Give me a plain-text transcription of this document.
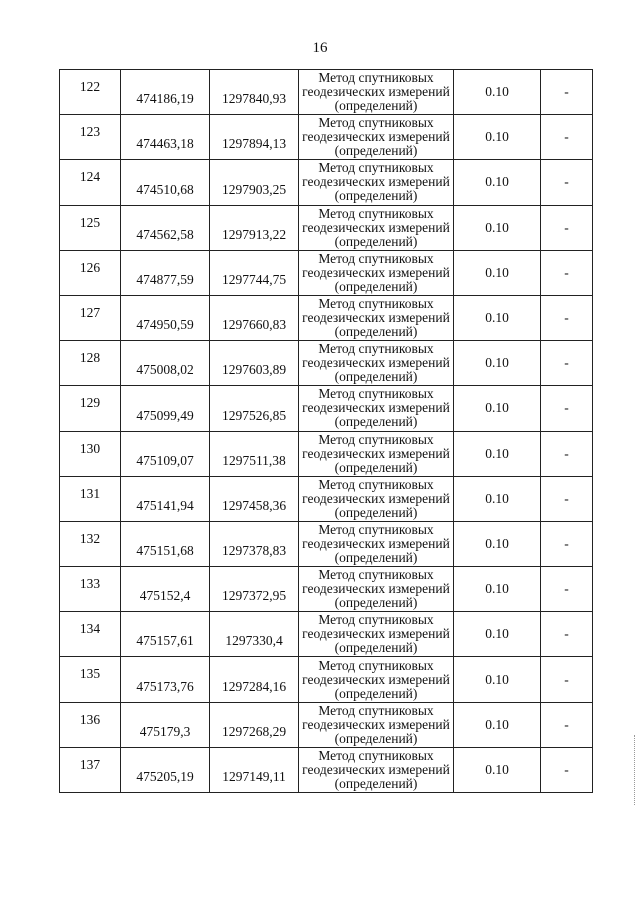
16
122	474186,19	1297840,93	Метод спутниковых геодезических измерений (определений)	0.10	-

123	474463,18	1297894,13	Метод спутниковых геодезических измерений (определений)	0.10	-

124	474510,68	1297903,25	Метод спутниковых геодезических измерений (определений)	0.10	-

125	474562,58	1297913,22	Метод спутниковых геодезических измерений (определений)	0.10	-

126	474877,59	1297744,75	Метод спутниковых геодезических измерений (определений)	0.10	-

127	474950,59	1297660,83	Метод спутниковых геодезических измерений (определений)	0.10	-

128	475008,02	1297603,89	Метод спутниковых геодезических измерений (определений)	0.10	-

129	475099,49	1297526,85	Метод спутниковых геодезических измерений (определений)	0.10	-

130	475109,07	1297511,38	Метод спутниковых геодезических измерений (определений)	0.10	-

131	475141,94	1297458,36	Метод спутниковых геодезических измерений (определений)	0.10	-

132	475151,68	1297378,83	Метод спутниковых геодезических измерений (определений)	0.10	-

133	475152,4	1297372,95	Метод спутниковых геодезических измерений (определений)	0.10	-

134	475157,61	1297330,4	Метод спутниковых геодезических измерений (определений)	0.10	-

135	475173,76	1297284,16	Метод спутниковых геодезических измерений (определений)	0.10	-

136	475179,3	1297268,29	Метод спутниковых геодезических измерений (определений)	0.10	-

137	475205,19	1297149,11	Метод спутниковых геодезических измерений (определений)	0.10	-
